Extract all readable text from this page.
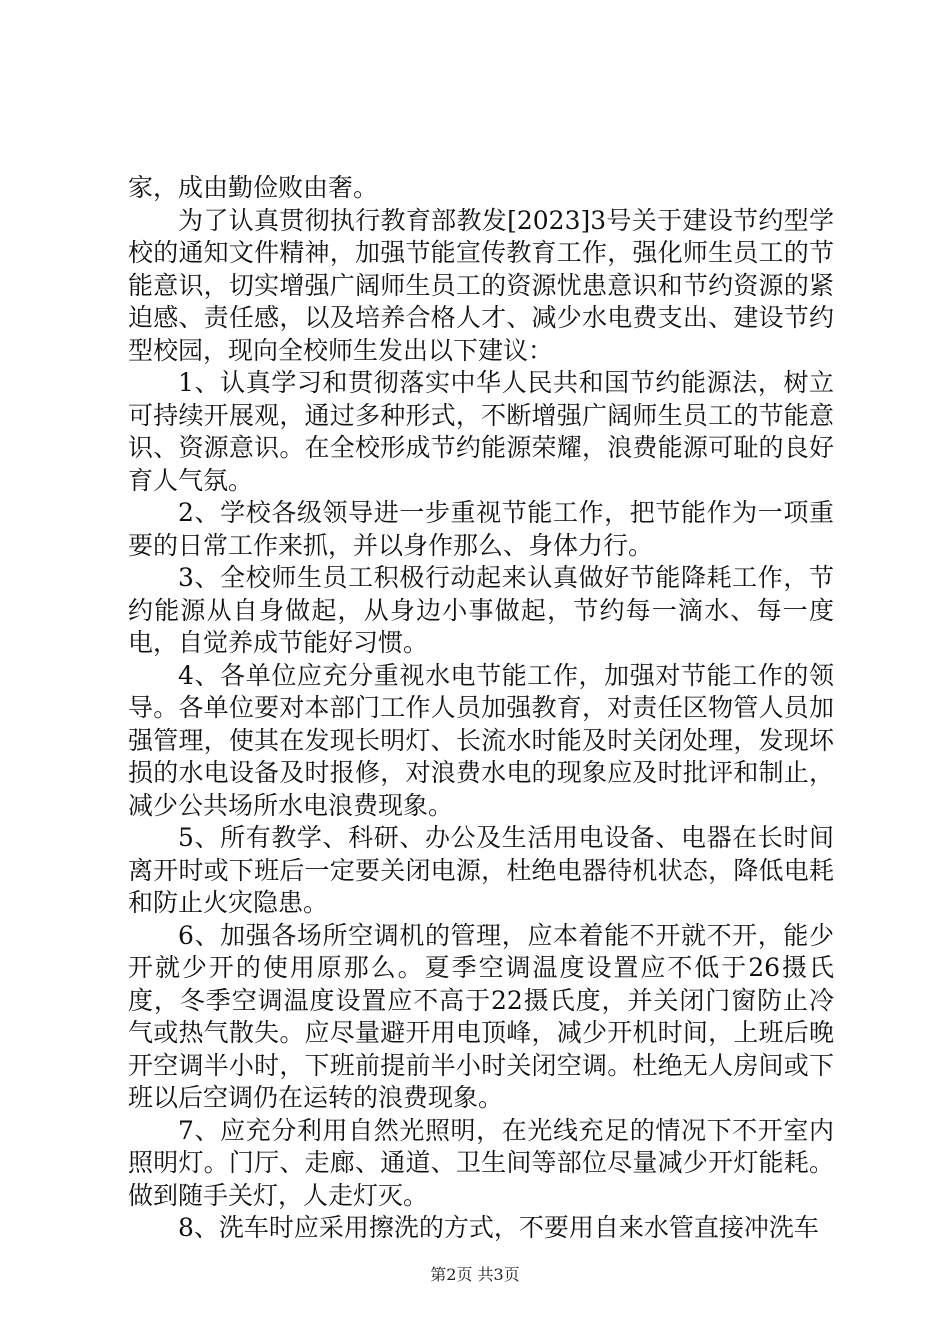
家，成由勤俭败由奢。

为了认真贯彻执行教育部教发[2023]3号关于建设节约型学校的通知文件精神，加强节能宣传教育工作，强化师生员工的节能意识，切实增强广阔师生员工的资源忧患意识和节约资源的紧迫感、责任感，以及培养合格人才、减少水电费支出、建设节约型校园，现向全校师生发出以下建议：

1、认真学习和贯彻落实中华人民共和国节约能源法，树立可持续开展观，通过多种形式，不断增强广阔师生员工的节能意识、资源意识。在全校形成节约能源荣耀，浪费能源可耻的良好育人气氛。

2、学校各级领导进一步重视节能工作，把节能作为一项重要的日常工作来抓，并以身作那么、身体力行。

3、全校师生员工积极行动起来认真做好节能降耗工作，节约能源从自身做起，从身边小事做起，节约每一滴水、每一度电，自觉养成节能好习惯。

4、各单位应充分重视水电节能工作，加强对节能工作的领导。各单位要对本部门工作人员加强教育，对责任区物管人员加强管理，使其在发现长明灯、长流水时能及时关闭处理，发现坏损的水电设备及时报修，对浪费水电的现象应及时批评和制止，减少公共场所水电浪费现象。

5、所有教学、科研、办公及生活用电设备、电器在长时间离开时或下班后一定要关闭电源，杜绝电器待机状态，降低电耗和防止火灾隐患。

6、加强各场所空调机的管理，应本着能不开就不开，能少开就少开的使用原那么。夏季空调温度设置应不低于26摄氏度，冬季空调温度设置应不高于22摄氏度，并关闭门窗防止冷气或热气散失。应尽量避开用电顶峰，减少开机时间，上班后晚开空调半小时，下班前提前半小时关闭空调。杜绝无人房间或下班以后空调仍在运转的浪费现象。

7、应充分利用自然光照明，在光线充足的情况下不开室内照明灯。门厅、走廊、通道、卫生间等部位尽量减少开灯能耗。做到随手关灯，人走灯灭。

8、洗车时应采用擦洗的方式，不要用自来水管直接冲洗车

第2页 共3页
